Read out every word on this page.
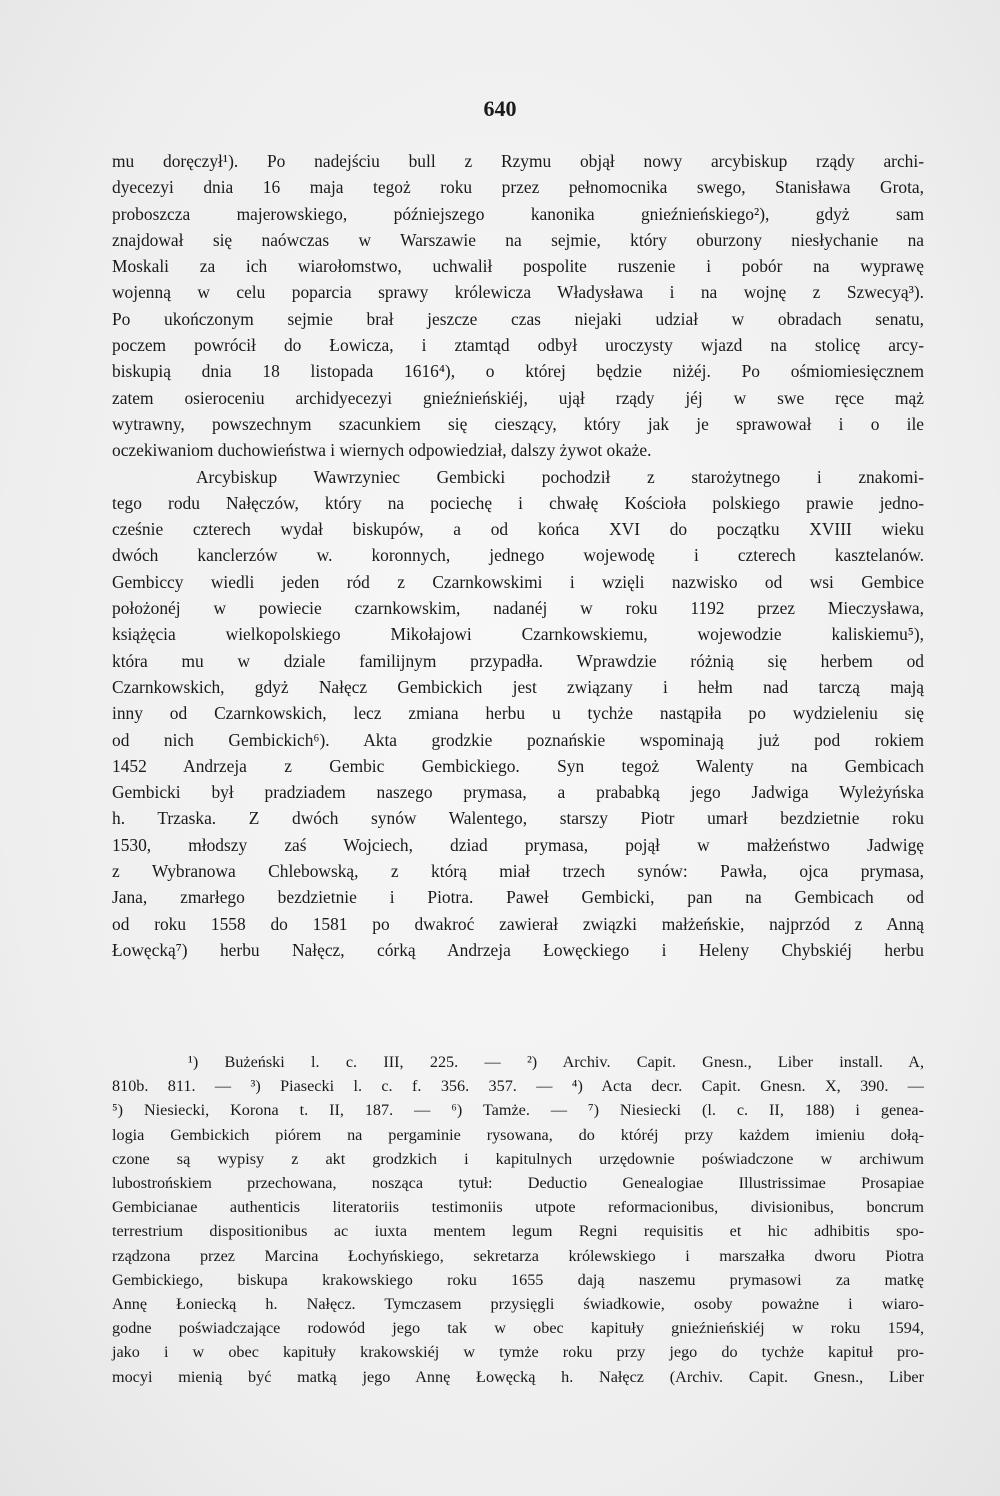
640
mu doręczył¹). Po nadejściu bull z Rzymu objął nowy arcybiskup rządy archi-
dyecezyi dnia 16 maja tegoż roku przez pełnomocnika swego, Stanisława Grota,
proboszcza majerowskiego, późniejszego kanonika gnieźnieńskiego²), gdyż sam
znajdował się naówczas w Warszawie na sejmie, który oburzony niesłychanie na
Moskali za ich wiarołomstwo, uchwalił pospolite ruszenie i pobór na wyprawę
wojenną w celu poparcia sprawy królewicza Władysława i na wojnę z Szwecyą³).
Po ukończonym sejmie brał jeszcze czas niejaki udział w obradach senatu,
poczem powrócił do Łowicza, i ztamtąd odbył uroczysty wjazd na stolicę arcy-
biskupią dnia 18 listopada 1616⁴), o której będzie niżéj. Po ośmiomiesięcznem
zatem osieroceniu archidyecezyi gnieźnieńskiéj, ujął rządy jéj w swe ręce mąż
wytrawny, powszechnym szacunkiem się cieszący, który jak je sprawował i o ile
oczekiwaniom duchowieństwa i wiernych odpowiedział, dalszy żywot okaże.
Arcybiskup Wawrzyniec Gembicki pochodził z starożytnego i znakomi-
tego rodu Nałęczów, który na pociechę i chwałę Kościoła polskiego prawie jedno-
cześnie czterech wydał biskupów, a od końca XVI do początku XVIII wieku
dwóch kanclerzów w. koronnych, jednego wojewodę i czterech kasztelanów.
Gembiccy wiedli jeden ród z Czarnkowskimi i wzięli nazwisko od wsi Gembice
położonéj w powiecie czarnkowskim, nadanéj w roku 1192 przez Mieczysława,
książęcia wielkopolskiego Mikołajowi Czarnkowskiemu, wojewodzie kaliskiemu⁵),
która mu w dziale familijnym przypadła. Wprawdzie różnią się herbem od
Czarnkowskich, gdyż Nałęcz Gembickich jest związany i hełm nad tarczą mają
inny od Czarnkowskich, lecz zmiana herbu u tychże nastąpiła po wydzieleniu się
od nich Gembickich⁶). Akta grodzkie poznańskie wspominają już pod rokiem
1452 Andrzeja z Gembic Gembickiego. Syn tegoż Walenty na Gembicach
Gembicki był pradziadem naszego prymasa, a prababką jego Jadwiga Wyleżyńska
h. Trzaska. Z dwóch synów Walentego, starszy Piotr umarł bezdzietnie roku
1530, młodszy zaś Wojciech, dziad prymasa, pojął w małżeństwo Jadwigę
z Wybranowa Chlebowską, z którą miał trzech synów: Pawła, ojca prymasa,
Jana, zmarłego bezdzietnie i Piotra. Paweł Gembicki, pan na Gembicach od
od roku 1558 do 1581 po dwakroć zawierał związki małżeńskie, najprzód z Anną
Łowęcką⁷) herbu Nałęcz, córką Andrzeja Łowęckiego i Heleny Chybskiéj herbu
¹) Bużeński l. c. III, 225. — ²) Archiv. Capit. Gnesn., Liber install. A,
810b. 811. — ³) Piasecki l. c. f. 356. 357. — ⁴) Acta decr. Capit. Gnesn. X, 390. —
⁵) Niesiecki, Korona t. II, 187. — ⁶) Tamże. — ⁷) Niesiecki (l. c. II, 188) i genea-
logia Gembickich piórem na pergaminie rysowana, do któréj przy każdem imieniu dołą-
czone są wypisy z akt grodzkich i kapitulnych urzędownie poświadczone w archiwum
lubostrońskiem przechowana, nosząca tytuł: Deductio Genealogiae Illustrissimae Prosapiae
Gembicianae authenticis literatoriis testimoniis utpote reformacionibus, divisionibus, boncrum
terrestrium dispositionibus ac iuxta mentem legum Regni requisitis et hic adhibitis spo-
rządzona przez Marcina Łochyńskiego, sekretarza królewskiego i marszałka dworu Piotra
Gembickiego, biskupa krakowskiego roku 1655 dają naszemu prymasowi za matkę
Annę Łoniecką h. Nałęcz. Tymczasem przysięgli świadkowie, osoby poważne i wiaro-
godne poświadczające rodowód jego tak w obec kapituły gnieźnieńskiéj w roku 1594,
jako i w obec kapituły krakowskiéj w tymże roku przy jego do tychże kapituł pro-
mocyi mienią być matką jego Annę Łowęcką h. Nałęcz (Archiv. Capit. Gnesn., Liber
